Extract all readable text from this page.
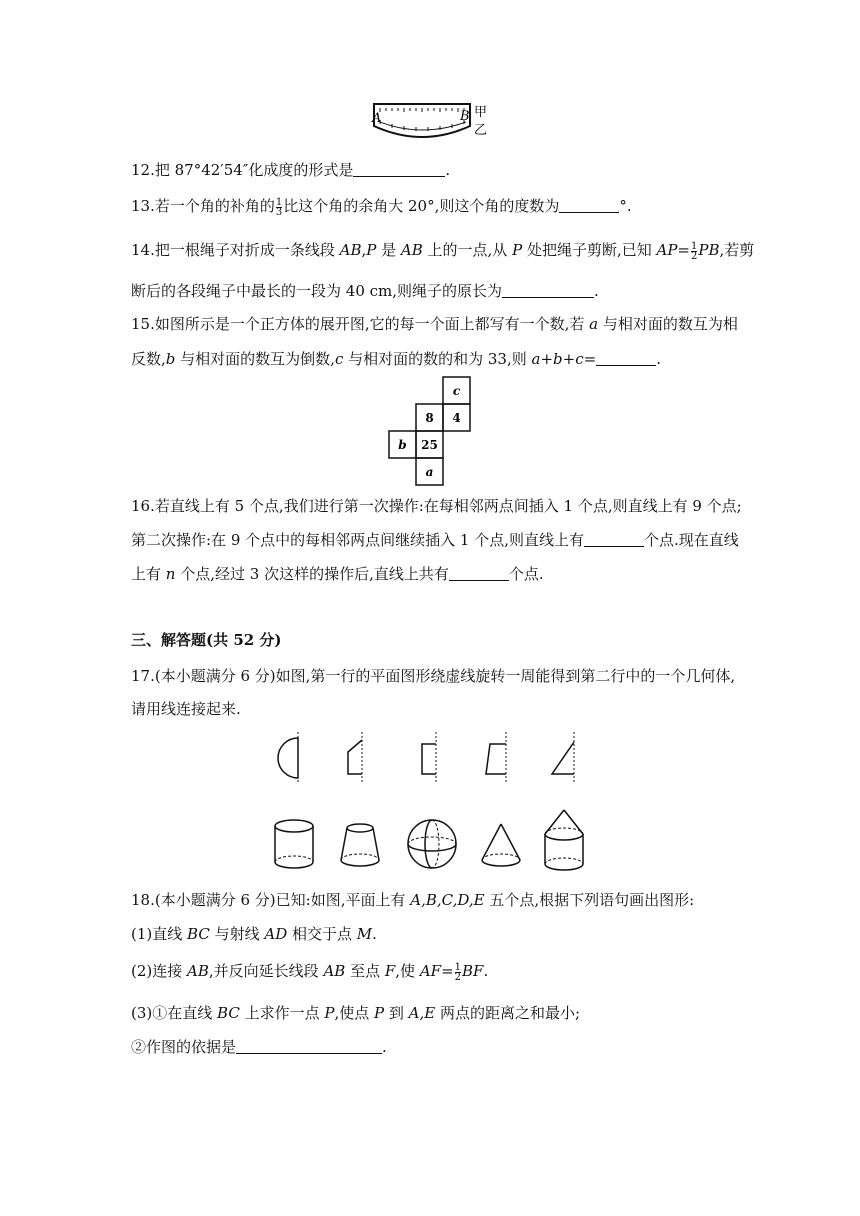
A	B 甲
乙
12.把 87°42′54″化成度的形式是	.
13.若一个角的补角的 $\frac{1}{3}$ 比这个角的余角大 20°,则这个角的度数为	°.
14.把一根绳子对折成一条线段 AB,P 是 AB 上的一点,从 P 处把绳子剪断,已知 $AP= \frac{1}{2}$ PB,若剪
断后的各段绳子中最长的一段为 40 cm,则绳子的原长为	.
15.如图所示是一个正方体的展开图,它的每一个面上都写有一个数,若 a 与相对面的数互为相
反数,b 与相对面的数互为倒数,c 与相对面的数的和为 33,则 a+b+c=	.
c
8 4
b 25
a
16.若直线上有 5 个点,我们进行第一次操作:在每相邻两点间插入 1 个点,则直线上有 9 个点;
第二次操作:在 9 个点中的每相邻两点间继续插入 1 个点,则直线上有	个点.现在直线
上有 n 个点,经过 3 次这样的操作后,直线上共有	个点.
三、解答题(共 52 分)
17.(本小题满分 6 分)如图,第一行的平面图形绕虚线旋转一周能得到第二行中的一个几何体,
请用线连接起来.
18.(本小题满分 6 分)已知:如图,平面上有 A,B,C,D,E 五个点,根据下列语句画出图形:
(1)直线 BC 与射线 AD 相交于点 M.
(2)连接 AB,并反向延长线段 AB 至点 F,使 $AF= \frac{1}{2}$ BF.
(3)①在直线 BC 上求作一点 P,使点 P 到 A,E 两点的距离之和最小;
②作图的依据是	.
